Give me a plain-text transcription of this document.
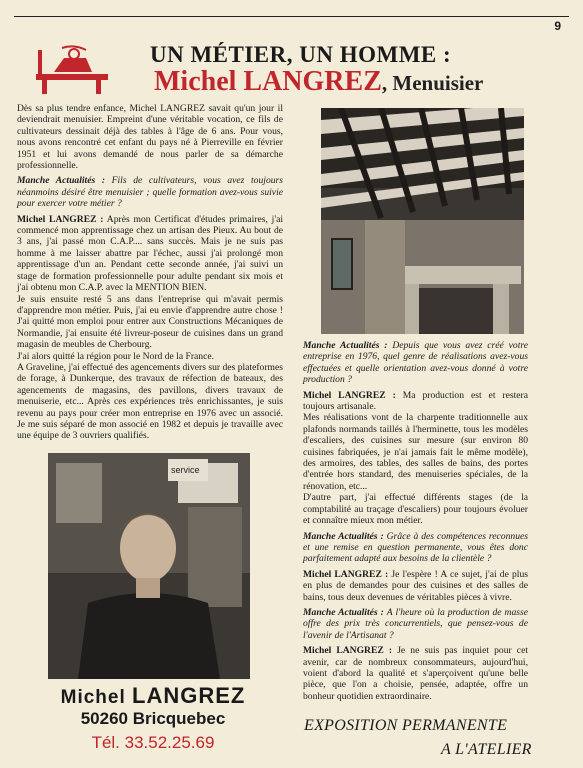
9
UN MÉTIER, UN HOMME :
Michel LANGREZ, Menuisier

Dès sa plus tendre enfance, Michel LANGREZ savait qu'un jour il deviendrait menuisier. Empreint d'une véritable vocation, ce fils de cultivateurs dessinait déjà des tables à l'âge de 6 ans. Pour vous, nous avons rencontré cet enfant du pays né à Pierreville en février 1951 et lui avons demandé de nous parler de sa démarche professionnelle.

Manche Actualités : Fils de cultivateurs, vous avez toujours néanmoins désiré être menuisier ; quelle formation avez-vous suivie pour exercer votre métier ?

Michel LANGREZ : Après mon Certificat d'études primaires, j'ai commencé mon apprentissage chez un artisan des Pieux. Au bout de 3 ans, j'ai passé mon C.A.P.... sans succès. Mais je ne suis pas homme à me laisser abattre par l'échec, aussi j'ai prolongé mon apprentissage d'un an. Pendant cette seconde année, j'ai suivi un stage de formation professionnelle pour adulte pendant six mois et j'ai obtenu mon C.A.P. avec la MENTION BIEN.

Je suis ensuite resté 5 ans dans l'entreprise qui m'avait permis d'apprendre mon métier. Puis, j'ai eu envie d'apprendre autre chose ! J'ai quitté mon emploi pour entrer aux Constructions Mécaniques de Normandie, j'ai ensuite été livreur-poseur de cuisines dans un grand magasin de meubles de Cherbourg.

J'ai alors quitté la région pour le Nord de la France.

A Graveline, j'ai effectué des agencements divers sur des plateformes de forage, à Dunkerque, des travaux de réfection de bateaux, des agencements de magasins, des pavillons, divers travaux de menuiserie, etc... Après ces expériences très enrichissantes, je suis revenu au pays pour créer mon entreprise en 1976 avec un associé. Je me suis séparé de mon associé en 1982 et depuis je travaille avec une équipe de 3 ouvriers qualifiés.

service
Michel LANGREZ
50260 Bricquebec
Tél. 33.52.25.69

Manche Actualités : Depuis que vous avez créé votre entreprise en 1976, quel genre de réalisations avez-vous effectuées et quelle orientation avez-vous donné à votre production ?

Michel LANGREZ : Ma production est et restera toujours artisanale.

Mes réalisations vont de la charpente traditionnelle aux plafonds normands taillés à l'herminette, tous les modèles d'escaliers, des cuisines sur mesure (sur environ 80 cuisines fabriquées, je n'ai jamais fait le même modèle), des armoires, des tables, des salles de bains, des portes d'entrée hors standard, des menuiseries spéciales, de la rénovation, etc...

D'autre part, j'ai effectué différents stages (de la comptabilité au traçage d'escaliers) pour toujours évoluer et connaître mieux mon métier.

Manche Actualités : Grâce à des compétences reconnues et une remise en question permanente, vous êtes donc parfaitement adapté aux besoins de la clientèle ?

Michel LANGREZ : Je l'espère ! A ce sujet, j'ai de plus en plus de demandes pour des cuisines et des salles de bains, tous deux devenues de véritables pièces à vivre.

Manche Actualités : A l'heure où la production de masse offre des prix très concurrentiels, que pensez-vous de l'avenir de l'Artisanat ?

Michel LANGREZ : Je ne suis pas inquiet pour cet avenir, car de nombreux consommateurs, aujourd'hui, voient d'abord la qualité et s'aperçoivent qu'une belle pièce, que l'on a choisie, pensée, adaptée, offre un bonheur quotidien extraordinaire.

EXPOSITION PERMANENTE
A L'ATELIER
